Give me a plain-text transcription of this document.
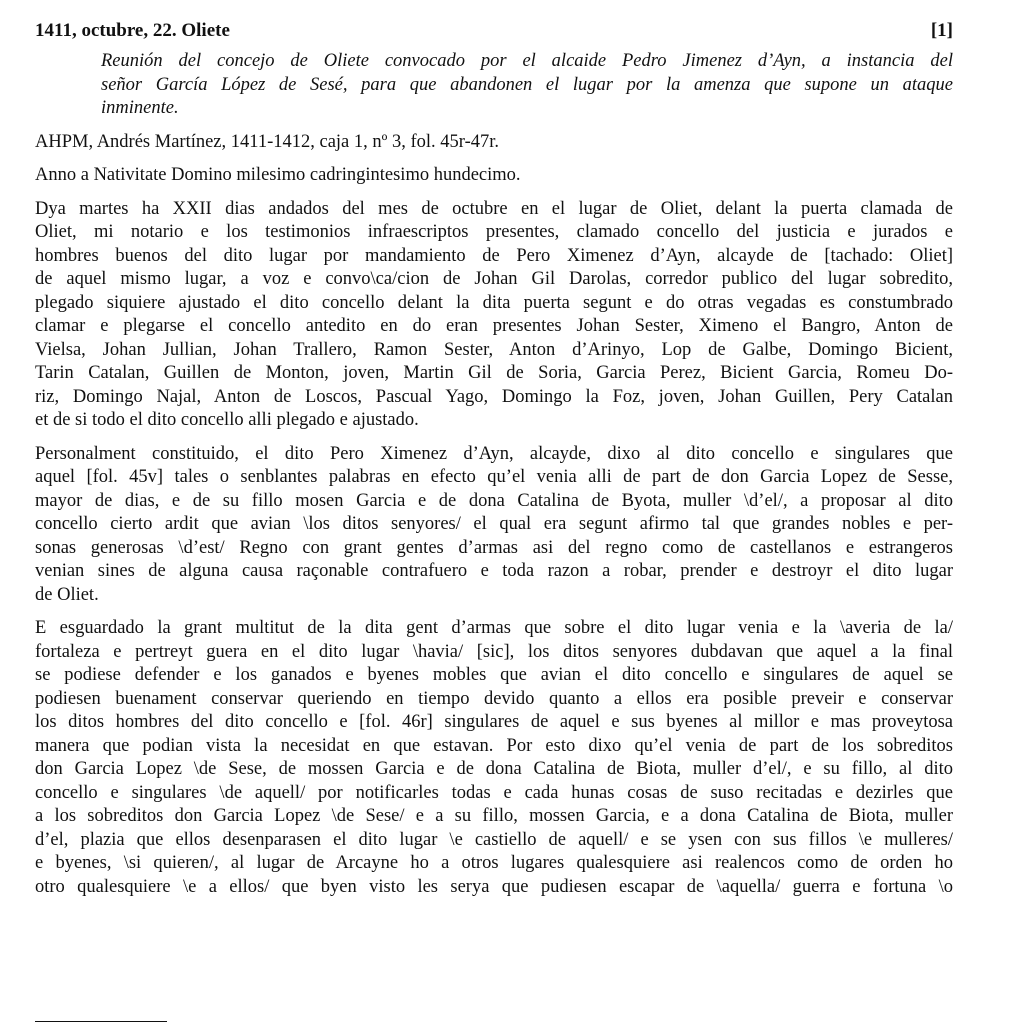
1411, octubre, 22. Oliete	[1]
Reunión del concejo de Oliete convocado por el alcaide Pedro Jimenez d’Ayn, a instancia del
señor García López de Sesé, para que abandonen el lugar por la amenza que supone un ataque
inminente.

AHPM, Andrés Martínez, 1411-1412, caja 1, nº 3, fol. 45r-47r.

Anno a Nativitate Domino milesimo cadringintesimo hundecimo.

Dya martes ha XXII dias andados del mes de octubre en el lugar de Oliet, delant la puerta clamada de
Oliet, mi notario e los testimonios infraescriptos presentes, clamado concello del justicia e jurados e
hombres buenos del dito lugar por mandamiento de Pero Ximenez d’Ayn, alcayde de [tachado: Oliet]
de aquel mismo lugar, a voz e convo\ca/cion de Johan Gil Darolas, corredor publico del lugar sobredito,
plegado siquiere ajustado el dito concello delant la dita puerta segunt e do otras vegadas es constumbrado
clamar e plegarse el concello antedito en do eran presentes Johan Sester, Ximeno el Bangro, Anton de
Vielsa, Johan Jullian, Johan Trallero, Ramon Sester, Anton d’Arinyo, Lop de Galbe, Domingo Bicient,
Tarin Catalan, Guillen de Monton, joven, Martin Gil de Soria, Garcia Perez, Bicient Garcia, Romeu Do-
riz, Domingo Najal, Anton de Loscos, Pascual Yago, Domingo la Foz, joven, Johan Guillen, Pery Catalan
et de si todo el dito concello alli plegado e ajustado.

Personalment constituido, el dito Pero Ximenez d’Ayn, alcayde, dixo al dito concello e singulares que
aquel [fol. 45v] tales o senblantes palabras en efecto qu’el venia alli de part de don Garcia Lopez de Sesse,
mayor de dias, e de su fillo mosen Garcia e de dona Catalina de Byota, muller \d’el/, a proposar al dito
concello cierto ardit que avian \los ditos senyores/ el qual era segunt afirmo tal que grandes nobles e per-
sonas generosas \d’est/ Regno con grant gentes d’armas asi del regno como de castellanos e estrangeros
venian sines de alguna causa raçonable contrafuero e toda razon a robar, prender e destroyr el dito lugar
de Oliet.

E esguardado la grant multitut de la dita gent d’armas que sobre el dito lugar venia e la \averia de la/
fortaleza e pertreyt guera en el dito lugar \havia/ [sic], los ditos senyores dubdavan que aquel a la final
se podiese defender e los ganados e byenes mobles que avian el dito concello e singulares de aquel se
podiesen buenament conservar queriendo en tiempo devido quanto a ellos era posible preveir e conservar
los ditos hombres del dito concello e [fol. 46r] singulares de aquel e sus byenes al millor e mas proveytosa
manera que podian vista la necesidat en que estavan. Por esto dixo qu’el venia de part de los sobreditos
don Garcia Lopez \de Sese, de mossen Garcia e de dona Catalina de Biota, muller d’el/, e su fillo, al dito
concello e singulares \de aquell/ por notificarles todas e cada hunas cosas de suso recitadas e dezirles que
a los sobreditos don Garcia Lopez \de Sese/ e a su fillo, mossen Garcia, e a dona Catalina de Biota, muller
d’el, plazia que ellos desenparasen el dito lugar \e castiello de aquell/ e se ysen con sus fillos \e mulleres/
e byenes, \si quieren/, al lugar de Arcayne ho a otros lugares qualesquiere asi realencos como de orden ho
otro qualesquiere \e a ellos/ que byen visto les serya que pudiesen escapar de \aquella/ guerra e fortuna \o
